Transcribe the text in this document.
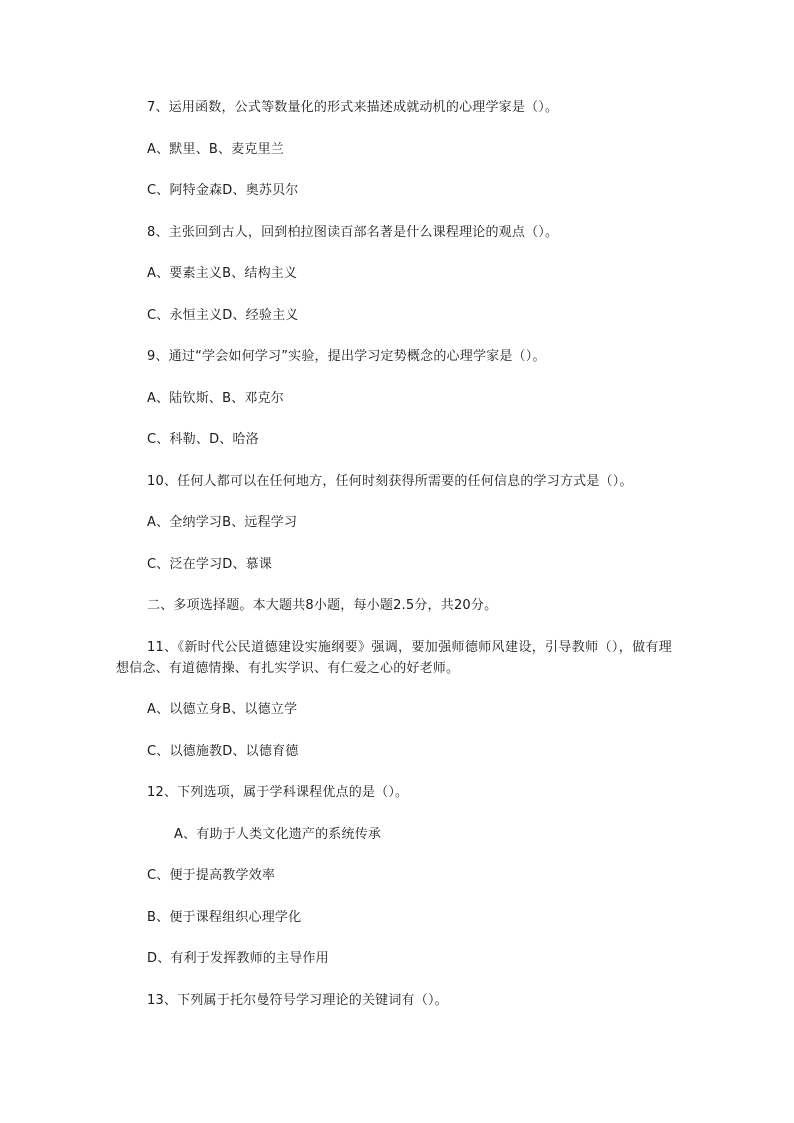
7、运用函数，公式等数量化的形式来描述成就动机的心理学家是（）。
A、默里、B、麦克里兰
C、阿特金森D、奥苏贝尔
8、主张回到古人，回到柏拉图读百部名著是什么课程理论的观点（）。
A、要素主义B、结构主义
C、永恒主义D、经验主义
9、通过“学会如何学习”实验，提出学习定势概念的心理学家是（）。
A、陆钦斯、B、邓克尔
C、科勒、D、哈洛
10、任何人都可以在任何地方，任何时刻获得所需要的任何信息的学习方式是（）。
A、全纳学习B、远程学习
C、泛在学习D、慕课
二、多项选择题。本大题共8小题，每小题2.5分，共20分。
11、《新时代公民道德建设实施纲要》强调，要加强师德师风建设，引导教师（），做有理想信念、有道德情操、有扎实学识、有仁爱之心的好老师。
A、以德立身B、以德立学
C、以德施教D、以德育德
12、下列选项，属于学科课程优点的是（）。
A、有助于人类文化遗产的系统传承
C、便于提高教学效率
B、便于课程组织心理学化
D、有利于发挥教师的主导作用
13、下列属于托尔曼符号学习理论的关键词有（）。
